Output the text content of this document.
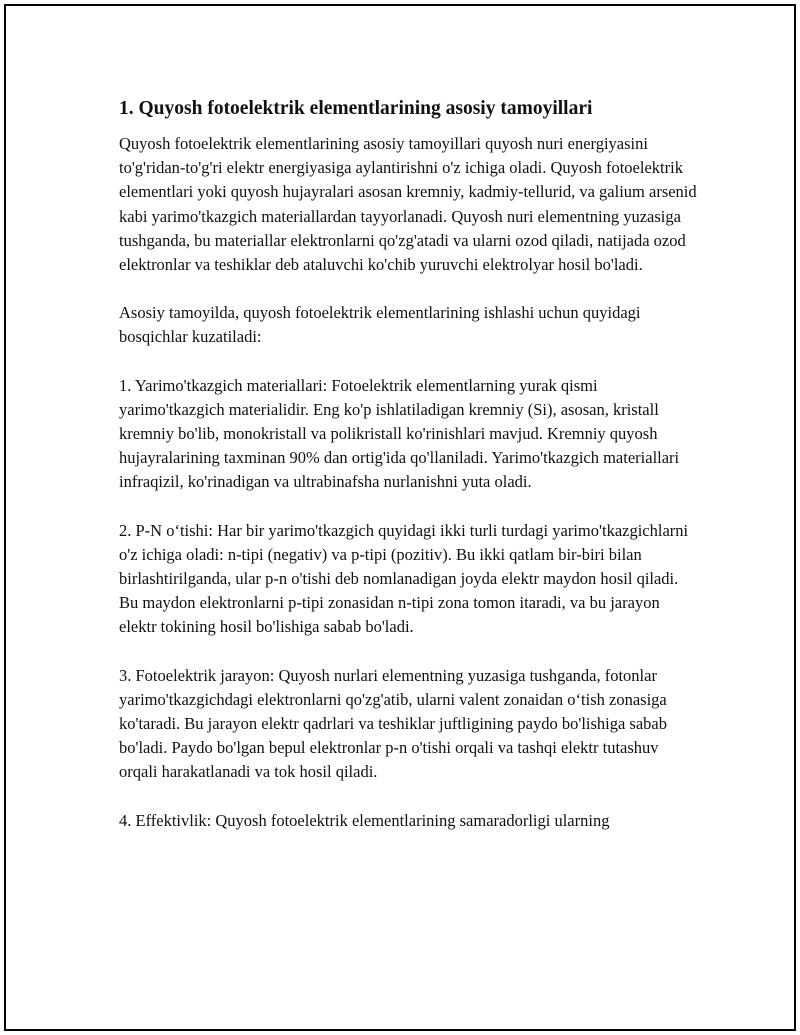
1. Quyosh fotoelektrik elementlarining asosiy tamoyillari

Quyosh fotoelektrik elementlarining asosiy tamoyillari quyosh nuri energiyasini to'g'ridan-to'g'ri elektr energiyasiga aylantirishni o'z ichiga oladi. Quyosh fotoelektrik elementlari yoki quyosh hujayralari asosan kremniy, kadmiy-tellurid, va galium arsenid kabi yarimo'tkazgich materiallardan tayyorlanadi. Quyosh nuri elementning yuzasiga tushganda, bu materiallar elektronlarni qo'zg'atadi va ularni ozod qiladi, natijada ozod elektronlar va teshiklar deb ataluvchi ko'chib yuruvchi elektrolyar hosil bo'ladi.

Asosiy tamoyilda, quyosh fotoelektrik elementlarining ishlashi uchun quyidagi bosqichlar kuzatiladi:

1. Yarimo'tkazgich materiallari: Fotoelektrik elementlarning yurak qismi yarimo'tkazgich materialidir. Eng ko'p ishlatiladigan kremniy (Si), asosan, kristall kremniy bo'lib, monokristall va polikristall ko'rinishlari mavjud. Kremniy quyosh hujayralarining taxminan 90% dan ortig'ida qo'llaniladi. Yarimo'tkazgich materiallari infraqizil, ko'rinadigan va ultrabinafsha nurlanishni yuta oladi.

2. P-N o‘tishi: Har bir yarimo'tkazgich quyidagi ikki turli turdagi yarimo'tkazgichlarni o'z ichiga oladi: n-tipi (negativ) va p-tipi (pozitiv). Bu ikki qatlam bir-biri bilan birlashtirilganda, ular p-n o'tishi deb nomlanadigan joyda elektr maydon hosil qiladi. Bu maydon elektronlarni p-tipi zonasidan n-tipi zona tomon itaradi, va bu jarayon elektr tokining hosil bo'lishiga sabab bo'ladi.

3. Fotoelektrik jarayon: Quyosh nurlari elementning yuzasiga tushganda, fotonlar yarimo'tkazgichdagi elektronlarni qo'zg'atib, ularni valent zonaidan o‘tish zonasiga ko'taradi. Bu jarayon elektr qadrlari va teshiklar juftligining paydo bo'lishiga sabab bo'ladi. Paydo bo'lgan bepul elektronlar p-n o'tishi orqali va tashqi elektr tutashuv orqali harakatlanadi va tok hosil qiladi.

4. Effektivlik: Quyosh fotoelektrik elementlarining samaradorligi ularning
